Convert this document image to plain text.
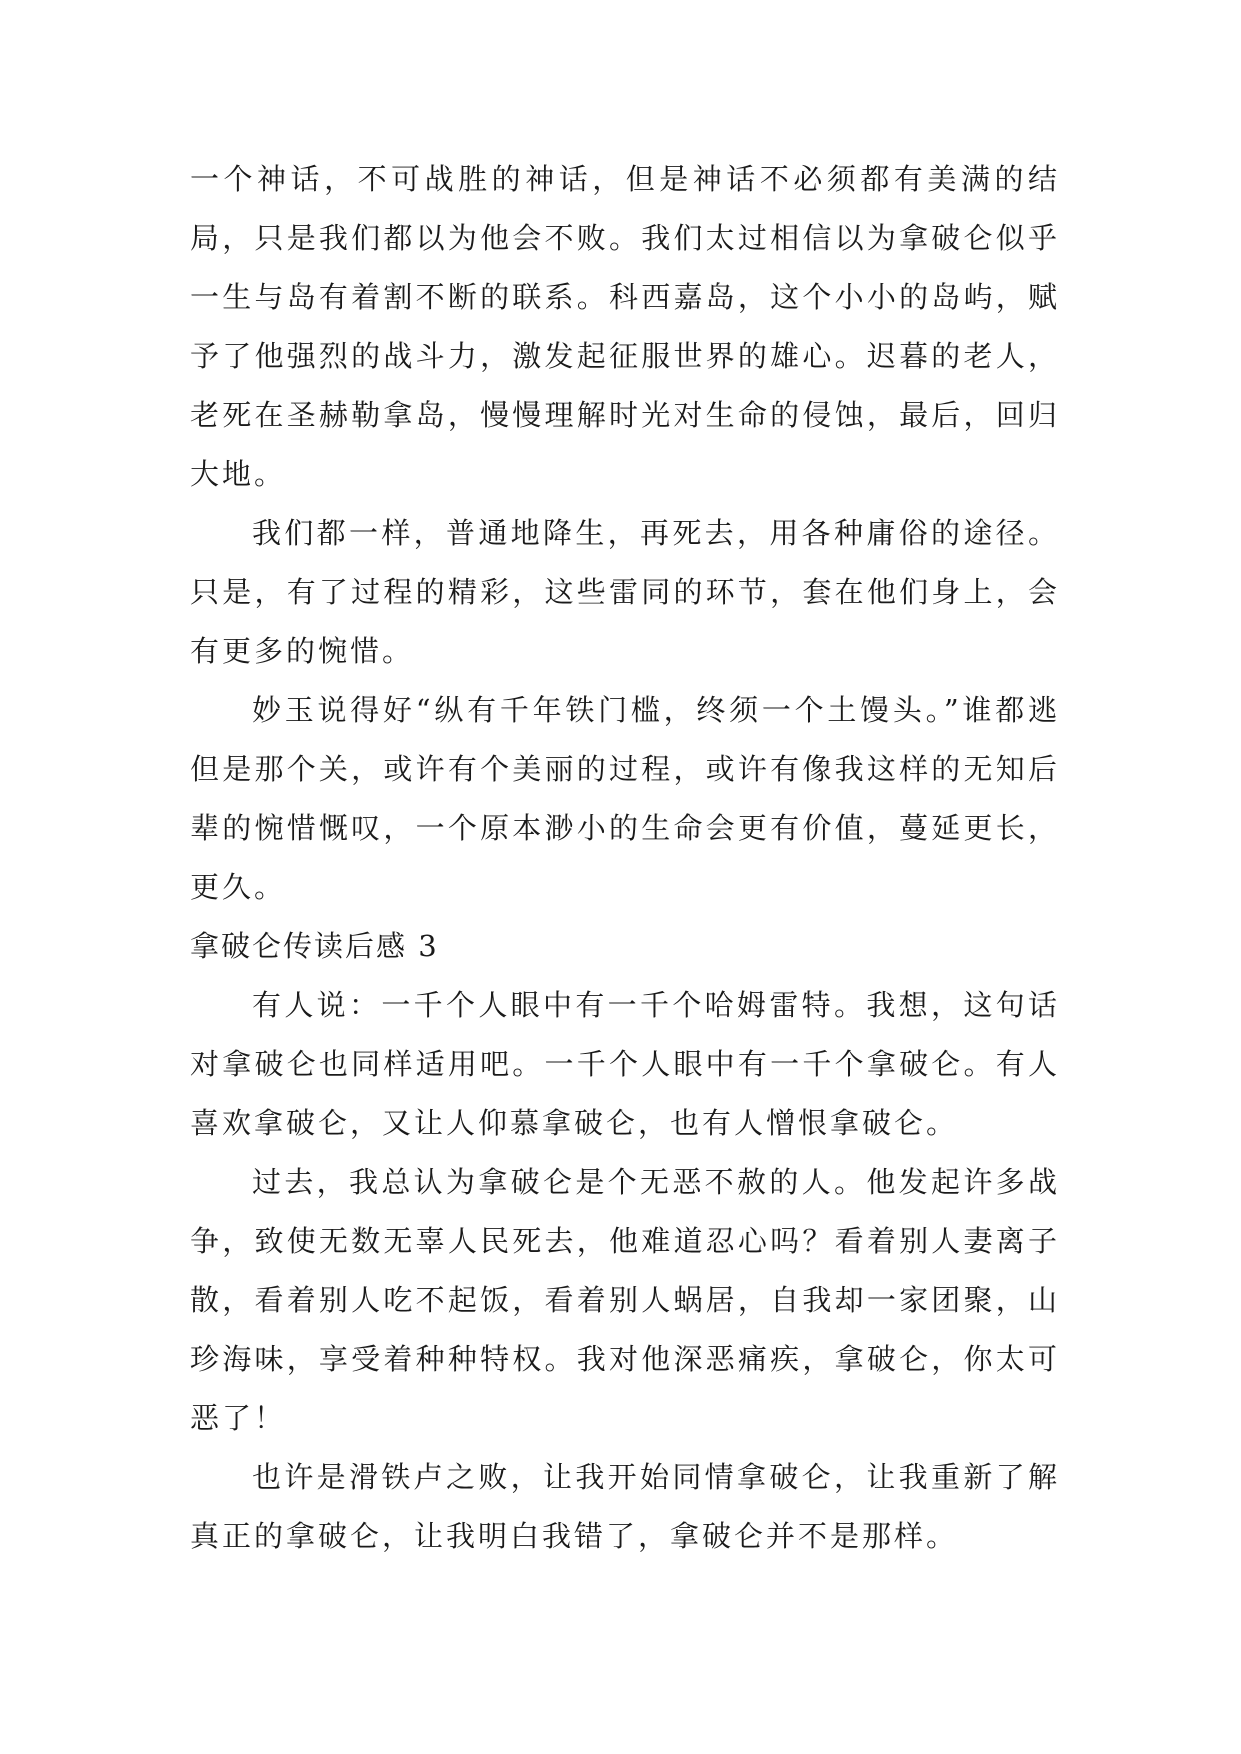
一个神话，不可战胜的神话，但是神话不必须都有美满的结局，只是我们都以为他会不败。我们太过相信以为拿破仑似乎一生与岛有着割不断的联系。科西嘉岛，这个小小的岛屿，赋予了他强烈的战斗力，激发起征服世界的雄心。迟暮的老人，老死在圣赫勒拿岛，慢慢理解时光对生命的侵蚀，最后，回归大地。

我们都一样，普通地降生，再死去，用各种庸俗的途径。只是，有了过程的精彩，这些雷同的环节，套在他们身上，会有更多的惋惜。

妙玉说得好“纵有千年铁门槛，终须一个土馒头。”谁都逃但是那个关，或许有个美丽的过程，或许有像我这样的无知后辈的惋惜慨叹，一个原本渺小的生命会更有价值，蔓延更长，更久。

拿破仑传读后感 3

有人说：一千个人眼中有一千个哈姆雷特。我想，这句话对拿破仑也同样适用吧。一千个人眼中有一千个拿破仑。有人喜欢拿破仑，又让人仰慕拿破仑，也有人憎恨拿破仑。

过去，我总认为拿破仑是个无恶不赦的人。他发起许多战争，致使无数无辜人民死去，他难道忍心吗？看着别人妻离子散，看着别人吃不起饭，看着别人蜗居，自我却一家团聚，山珍海味，享受着种种特权。我对他深恶痛疾，拿破仑，你太可恶了！

也许是滑铁卢之败，让我开始同情拿破仑，让我重新了解真正的拿破仑，让我明白我错了，拿破仑并不是那样。
